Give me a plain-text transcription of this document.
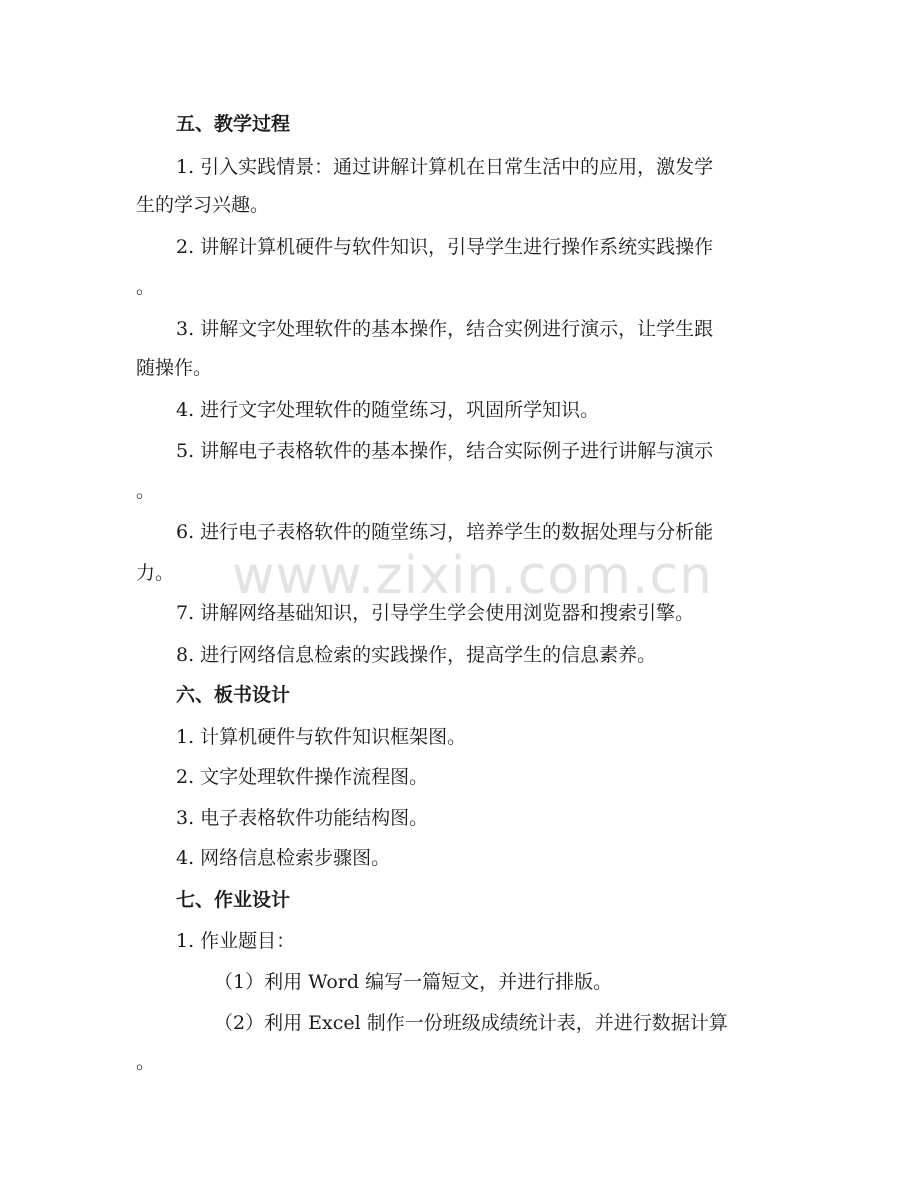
www.zixin.com.cn
五、教学过程
1. 引入实践情景：通过讲解计算机在日常生活中的应用，激发学
生的学习兴趣。
2. 讲解计算机硬件与软件知识，引导学生进行操作系统实践操作
。
3. 讲解文字处理软件的基本操作，结合实例进行演示，让学生跟
随操作。
4. 进行文字处理软件的随堂练习，巩固所学知识。
5. 讲解电子表格软件的基本操作，结合实际例子进行讲解与演示
。
6. 进行电子表格软件的随堂练习，培养学生的数据处理与分析能
力。
7. 讲解网络基础知识，引导学生学会使用浏览器和搜索引擎。
8. 进行网络信息检索的实践操作，提高学生的信息素养。
六、板书设计
1. 计算机硬件与软件知识框架图。
2. 文字处理软件操作流程图。
3. 电子表格软件功能结构图。
4. 网络信息检索步骤图。
七、作业设计
1. 作业题目：
（1）利用 Word 编写一篇短文，并进行排版。
（2）利用 Excel 制作一份班级成绩统计表，并进行数据计算
。
